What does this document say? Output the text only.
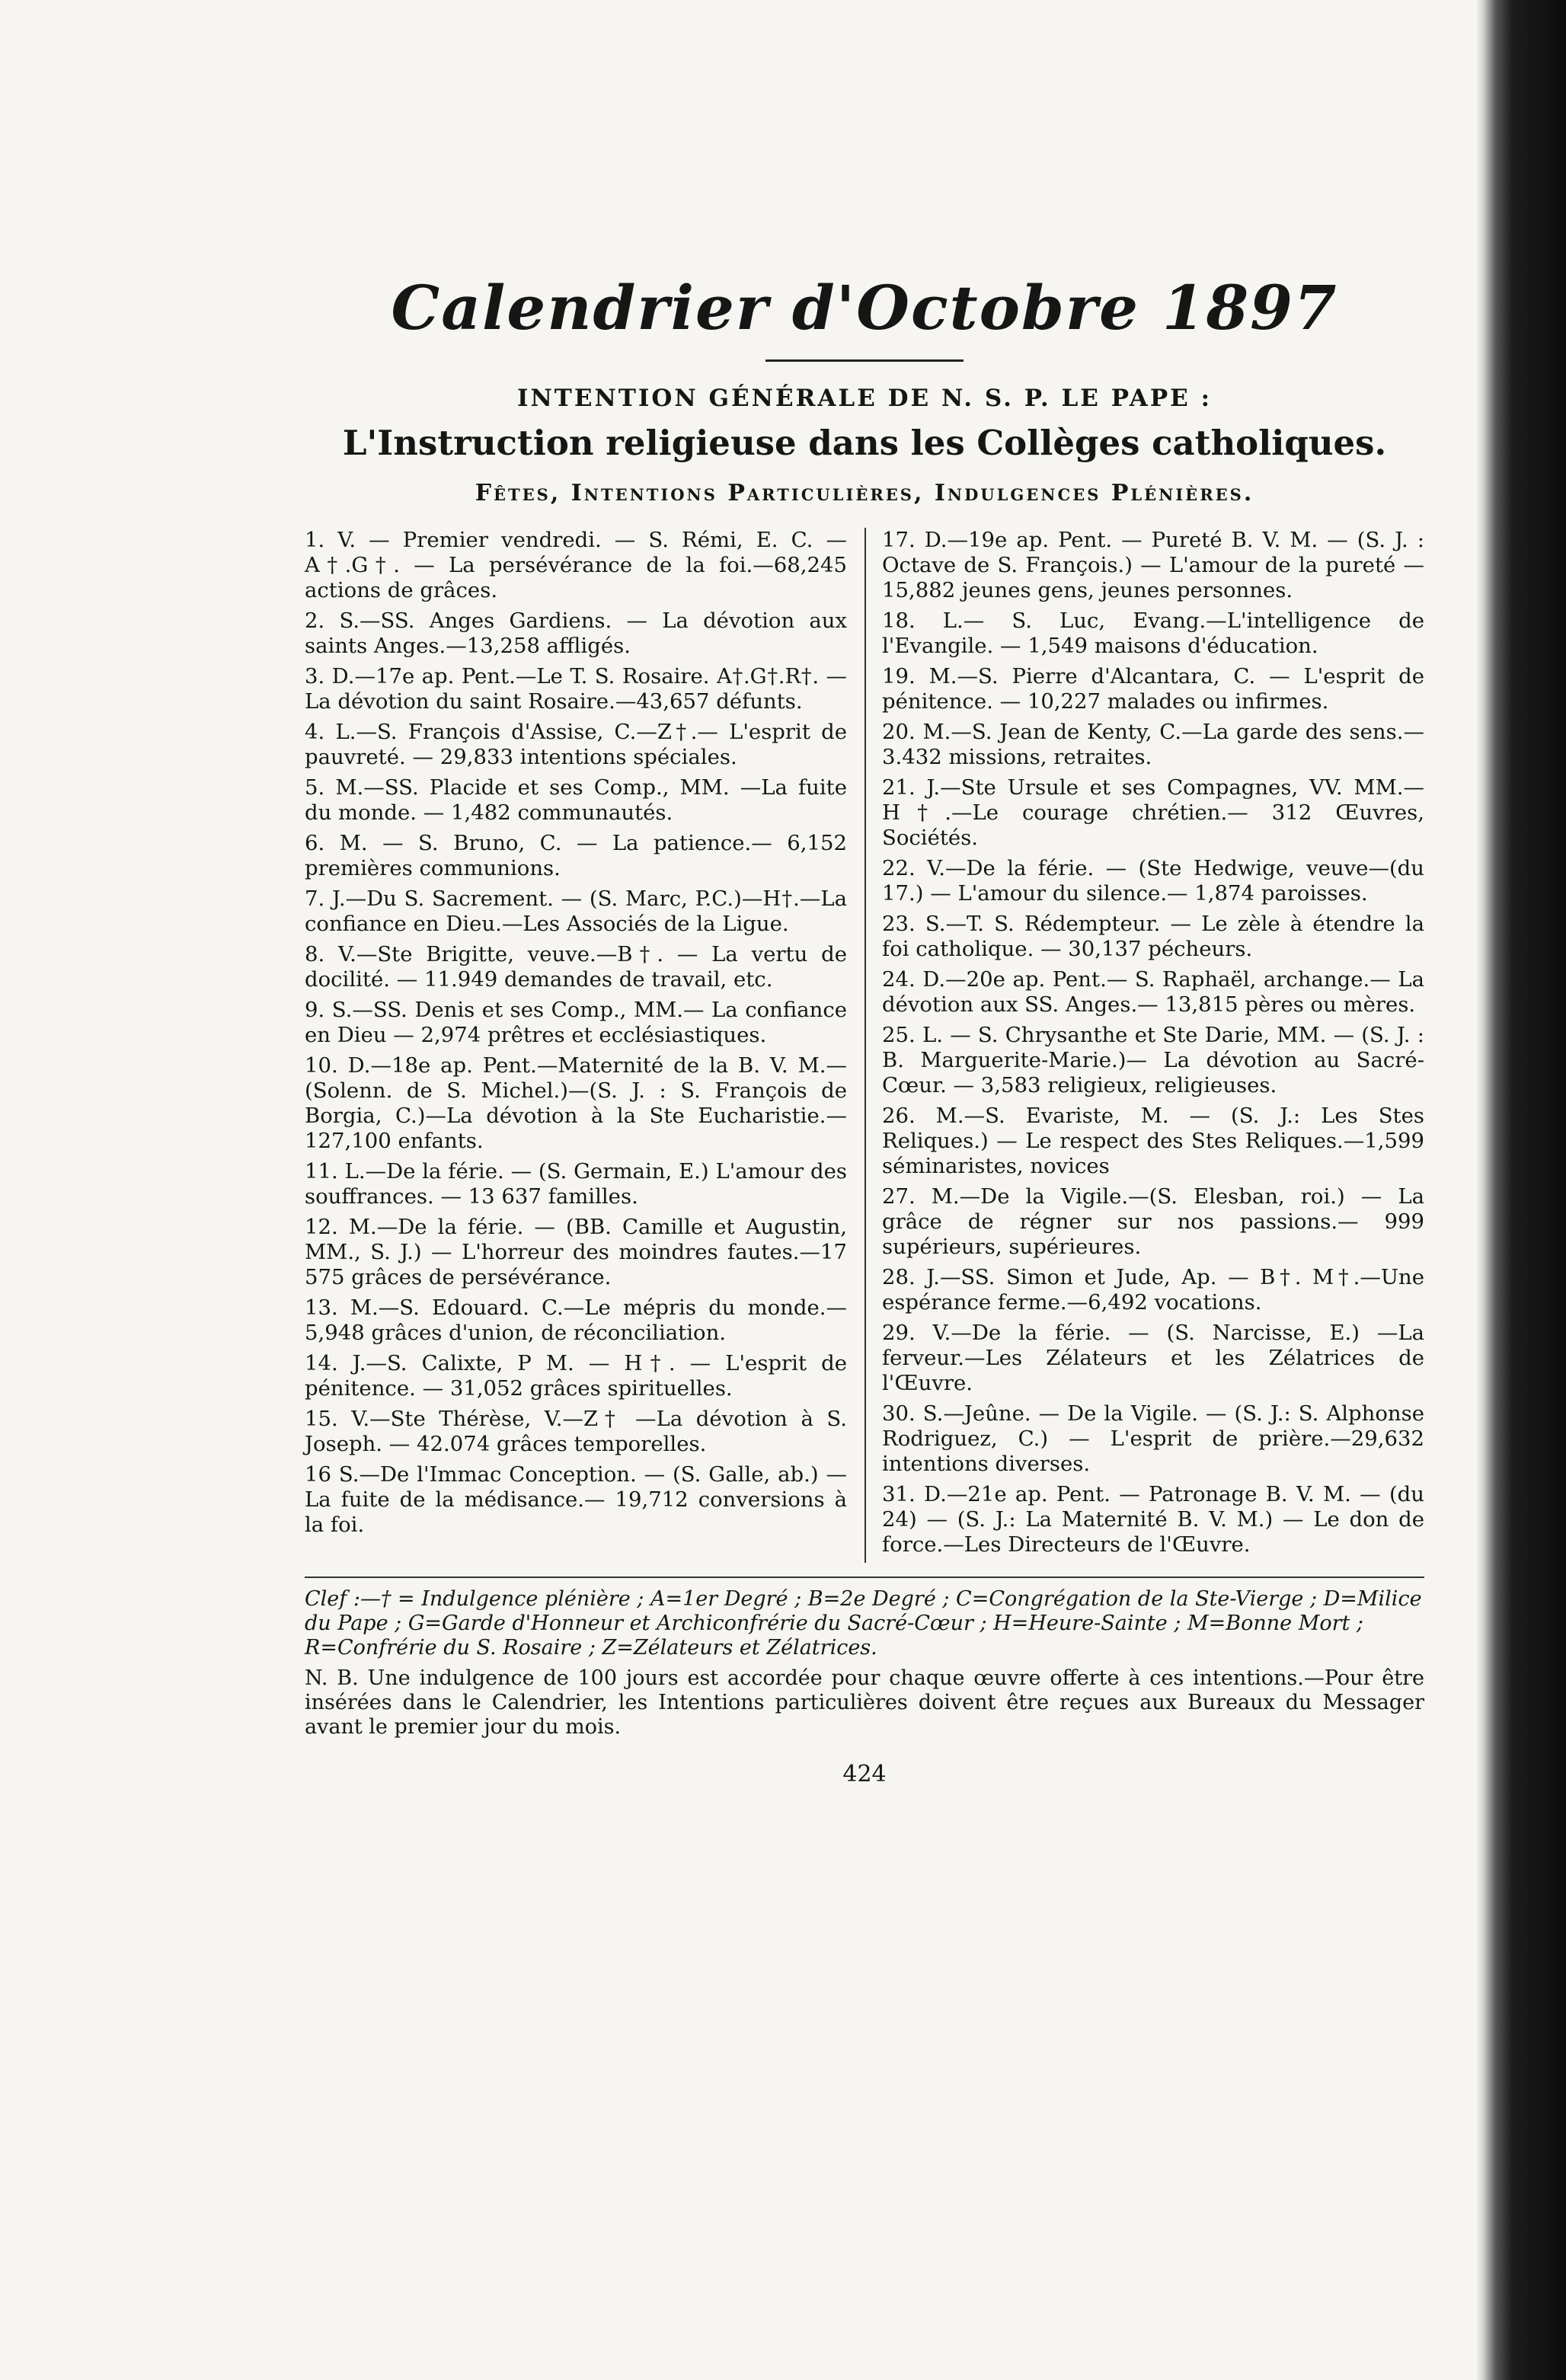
Calendrier d'Octobre 1897

INTENTION GÉNÉRALE DE N. S. P. LE PAPE :

L'Instruction religieuse dans les Collèges catholiques.

Fêtes, Intentions Particulières, Indulgences Plénières.

1. V. — Premier vendredi. — S. Rémi, E. C. — A†.G†. — La persévérance de la foi.—68,245 actions de grâces.

2. S.—SS. Anges Gardiens. — La dévotion aux saints Anges.—13,258 affligés.

3. D.—17e ap. Pent.—Le T. S. Rosaire. A†.G†.R†. — La dévotion du saint Rosaire.—43,657 défunts.

4. L.—S. François d'Assise, C.—Z†.— L'esprit de pauvreté. — 29,833 intentions spéciales.

5. M.—SS. Placide et ses Comp., MM. —La fuite du monde. — 1,482 communautés.

6. M. — S. Bruno, C. — La patience.— 6,152 premières communions.

7. J.—Du S. Sacrement. — (S. Marc, P.C.)—H†.—La confiance en Dieu.—Les Associés de la Ligue.

8. V.—Ste Brigitte, veuve.—B†. — La vertu de docilité. — 11.949 demandes de travail, etc.

9. S.—SS. Denis et ses Comp., MM.— La confiance en Dieu — 2,974 prêtres et ecclésiastiques.

10. D.—18e ap. Pent.—Maternité de la B. V. M.—(Solenn. de S. Michel.)—(S. J. : S. François de Borgia, C.)—La dévotion à la Ste Eucharistie.—127,100 enfants.

11. L.—De la férie. — (S. Germain, E.) L'amour des souffrances. — 13 637 familles.

12. M.—De la férie. — (BB. Camille et Augustin, MM., S. J.) — L'horreur des moindres fautes.—17 575 grâces de persévérance.

13. M.—S. Edouard. C.—Le mépris du monde.—5,948 grâces d'union, de réconciliation.

14. J.—S. Calixte, P M. — H†. — L'esprit de pénitence. — 31,052 grâces spirituelles.

15. V.—Ste Thérèse, V.—Z† —La dévotion à S. Joseph. — 42.074 grâces temporelles.

16 S.—De l'Immac Conception. — (S. Galle, ab.) — La fuite de la médisance.— 19,712 conversions à la foi.

17. D.—19e ap. Pent. — Pureté B. V. M. — (S. J. : Octave de S. François.) — L'amour de la pureté — 15,882 jeunes gens, jeunes personnes.

18. L.— S. Luc, Evang.—L'intelligence de l'Evangile. — 1,549 maisons d'éducation.

19. M.—S. Pierre d'Alcantara, C. — L'esprit de pénitence. — 10,227 malades ou infirmes.

20. M.—S. Jean de Kenty, C.—La garde des sens.—3.432 missions, retraites.

21. J.—Ste Ursule et ses Compagnes, VV. MM.—H†.—Le courage chrétien.— 312 Œuvres, Sociétés.

22. V.—De la férie. — (Ste Hedwige, veuve—(du 17.) — L'amour du silence.— 1,874 paroisses.

23. S.—T. S. Rédempteur. — Le zèle à étendre la foi catholique. — 30,137 pécheurs.

24. D.—20e ap. Pent.— S. Raphaël, archange.— La dévotion aux SS. Anges.— 13,815 pères ou mères.

25. L. — S. Chrysanthe et Ste Darie, MM. — (S. J. : B. Marguerite-Marie.)— La dévotion au Sacré-Cœur. — 3,583 religieux, religieuses.

26. M.—S. Evariste, M. — (S. J.: Les Stes Reliques.) — Le respect des Stes Reliques.—1,599 séminaristes, novices

27. M.—De la Vigile.—(S. Elesban, roi.) — La grâce de régner sur nos passions.— 999 supérieurs, supérieures.

28. J.—SS. Simon et Jude, Ap. — B†. M†.—Une espérance ferme.—6,492 vocations.

29. V.—De la férie. — (S. Narcisse, E.) —La ferveur.—Les Zélateurs et les Zélatrices de l'Œuvre.

30. S.—Jeûne. — De la Vigile. — (S. J.: S. Alphonse Rodriguez, C.) — L'esprit de prière.—29,632 intentions diverses.

31. D.—21e ap. Pent. — Patronage B. V. M. — (du 24) — (S. J.: La Maternité B. V. M.) — Le don de force.—Les Directeurs de l'Œuvre.

Clef :—† = Indulgence plénière ; A=1er Degré ; B=2e Degré ; C=Congrégation de la Ste-Vierge ; D=Milice du Pape ; G=Garde d'Honneur et Archiconfrérie du Sacré-Cœur ; H=Heure-Sainte ; M=Bonne Mort ; R=Confrérie du S. Rosaire ; Z=Zélateurs et Zélatrices.

N. B. Une indulgence de 100 jours est accordée pour chaque œuvre offerte à ces intentions.—Pour être insérées dans le Calendrier, les Intentions particulières doivent être reçues aux Bureaux du Messager avant le premier jour du mois.

424
